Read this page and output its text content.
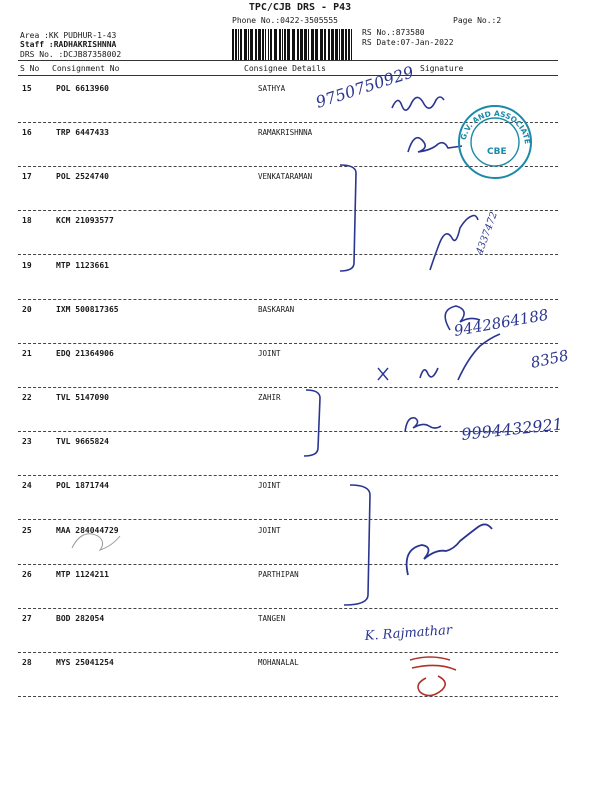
TPC/CJB DRS - P43
Phone No.:0422-3505555	Page No.:2
Area :KK PUDHUR-1-43
Staff :RADHAKRISHNNA
DRS No. :DCJB87358002
RS No.:873580
RS Date:07-Jan-2022
S No Consignment No	Consignee Details	Signature
15	POL 6613960	SATHYA
16	TRP 6447433	RAMAKRISHNNA
17	POL 2524740	VENKATARAMAN
18	KCM 21093577
19	MTP 1123661
20	IXM 500817365	BASKARAN
21	EDQ 21364906	JOINT
22	TVL 5147090	ZAHIR
23	TVL 9665824
24	POL 1871744	JOINT
25	MAA 284044729	JOINT
26	MTP 1124211	PARTHIPAN
27	BOD 282054	TANGEN
28	MYS 25041254	MOHANALAL
9750750929
G.V. AND ASSOCIATES
CBE
4337472
9442864188
8358
9994432921
K. Rajmathar
